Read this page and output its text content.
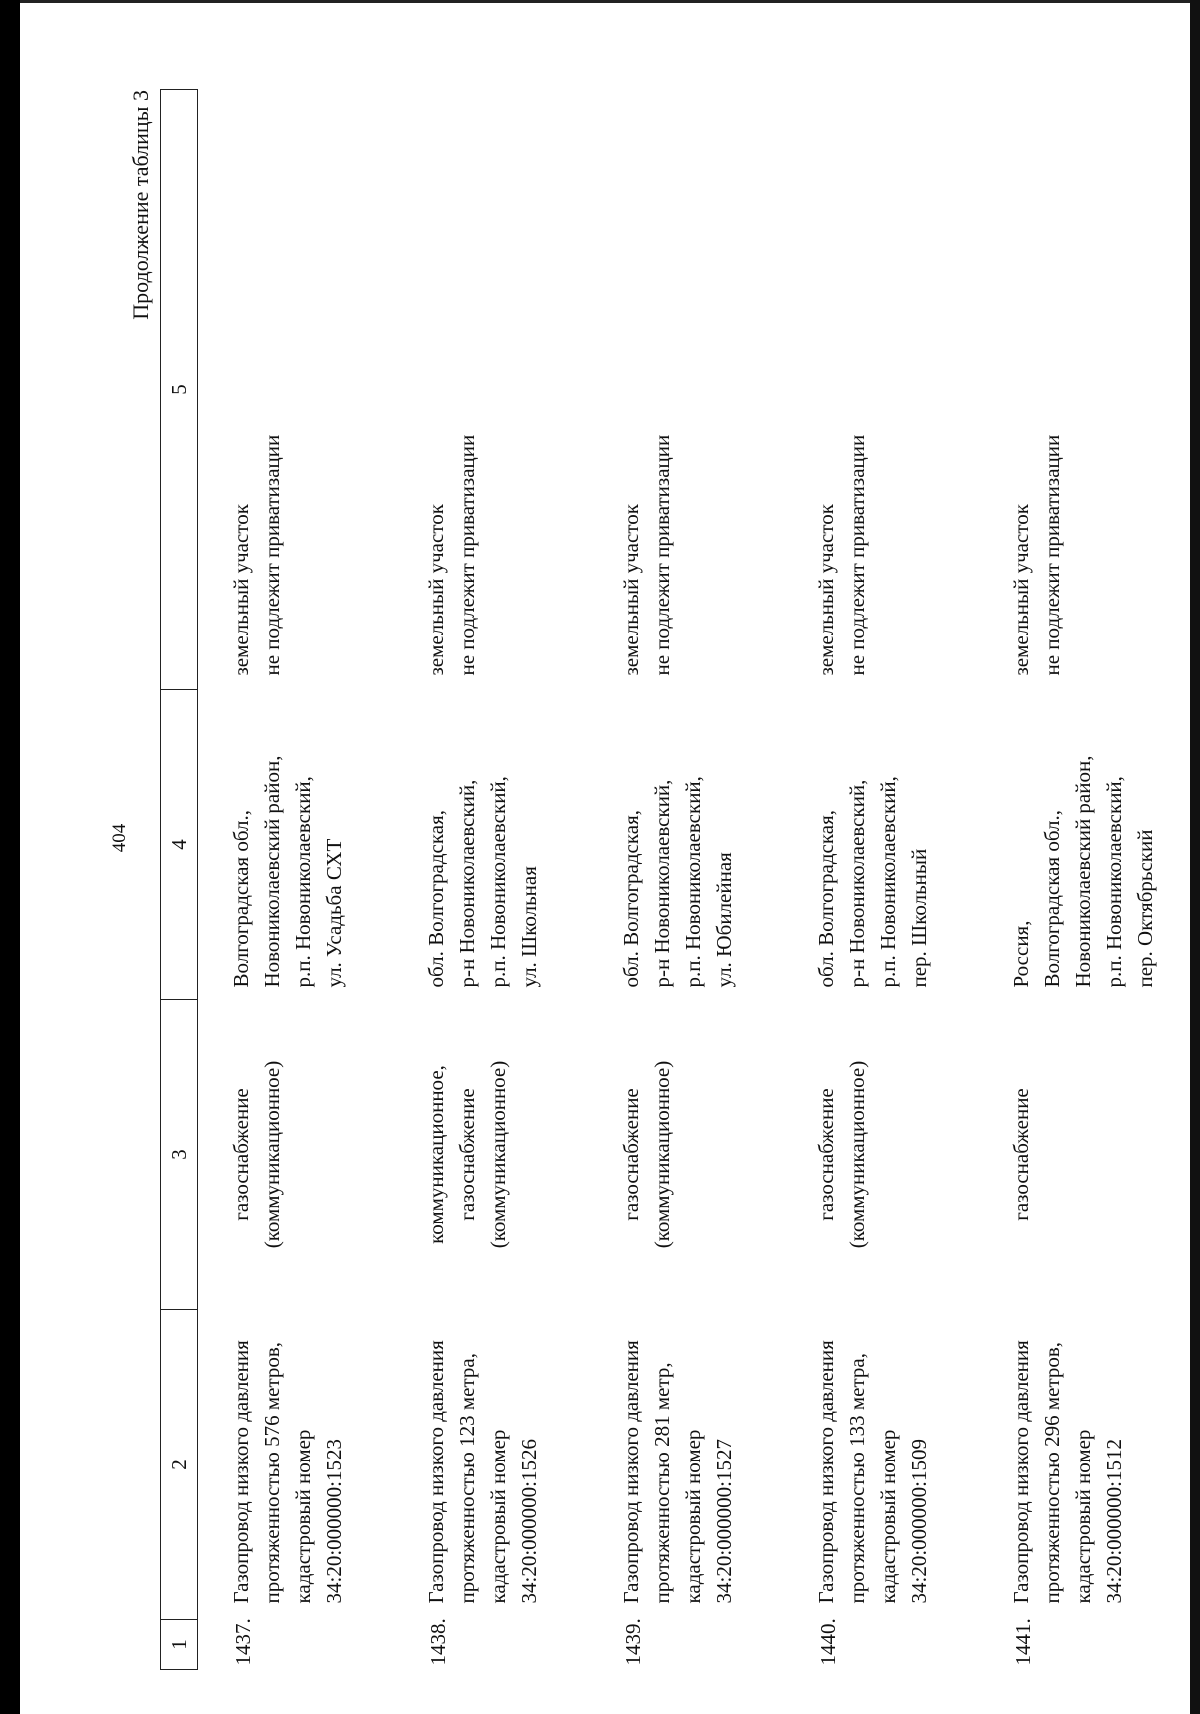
404
Продолжение таблицы 3
1	2	3	4	5
1437.	Газопровод низкого давления протяженностью 576 метров, кадастровый номер 34:20:000000:1523	газоснабжение (коммуникационное)	Волгоградская обл., Новониколаевский район, р.п. Новониколаевский, ул. Усадьба СХТ	земельный участок не подлежит приватизации

1438.	Газопровод низкого давления протяженностью 123 метра, кадастровый номер 34:20:000000:1526	коммуникационное, газоснабжение (коммуникационное)	обл. Волгоградская, р-н Новониколаевский, р.п. Новониколаевский, ул. Школьная	земельный участок не подлежит приватизации

1439.	Газопровод низкого давления протяженностью 281 метр, кадастровый номер 34:20:000000:1527	газоснабжение (коммуникационное)	обл. Волгоградская, р-н Новониколаевский, р.п. Новониколаевский, ул. Юбилейная	земельный участок не подлежит приватизации

1440.	Газопровод низкого давления протяженностью 133 метра, кадастровый номер 34:20:000000:1509	газоснабжение (коммуникационное)	обл. Волгоградская, р-н Новониколаевский, р.п. Новониколаевский, пер. Школьный	земельный участок не подлежит приватизации

1441.	Газопровод низкого давления протяженностью 296 метров, кадастровый номер 34:20:000000:1512	газоснабжение	Россия, Волгоградская обл., Новониколаевский район, р.п. Новониколаевский, пер. Октябрьский	земельный участок не подлежит приватизации
